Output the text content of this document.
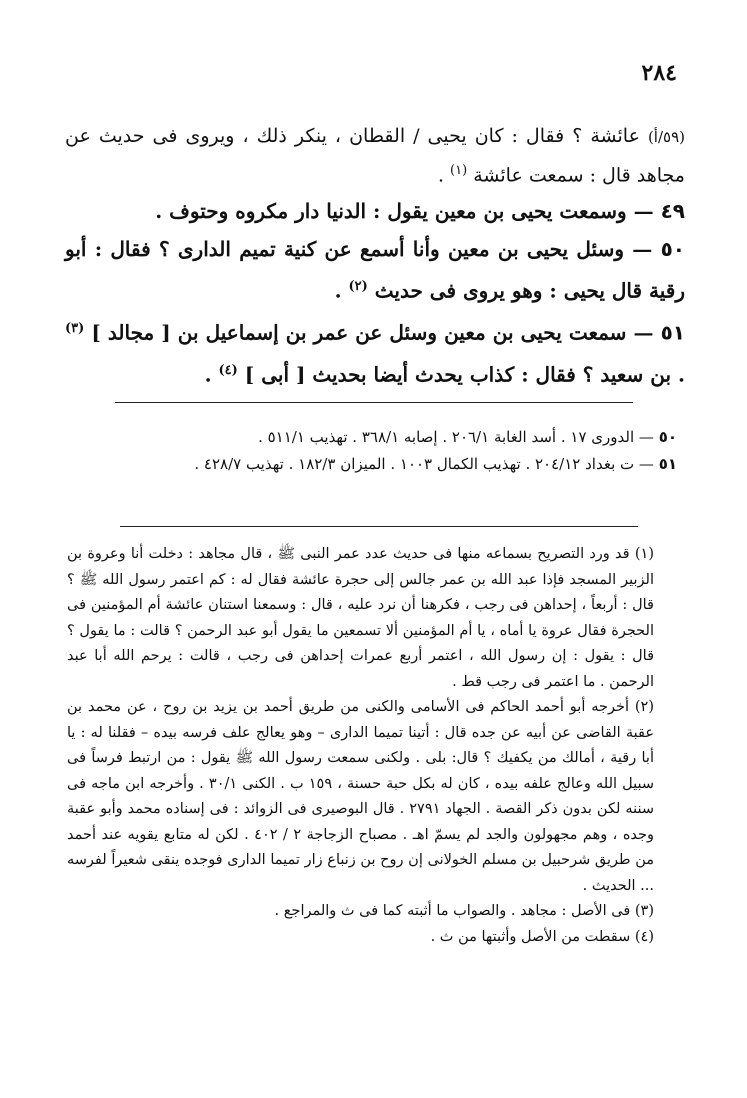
٢٨٤

(٥٩/أ) عائشة ؟ فقال : كان يحيى / القطان ، ينكر ذلك ، ويروى فى حديث عن مجاهد قال : سمعت عائشة $^{(١)}$ .

٤٩ — وسمعت يحيى بن معين يقول : الدنيا دار مكروه وحتوف .

٥٠ — وسئل يحيى بن معين وأنا أسمع عن كنية تميم الدارى ؟ فقال : أبو رقية قال يحيى : وهو يروى فى حديث $^{(٢)}$ .

٥١ — سمعت يحيى بن معين وسئل عن عمر بن إسماعيل بن [ مجالد ] $^{(٣)}$ . بن سعيد ؟ فقال : كذاب يحدث أيضا بحديث [ أبى ] $^{(٤)}$ .

٥٠ — الدورى ١٧ . أسد الغابة ٢٠٦/١ . إصابه ٣٦٨/١ . تهذيب ٥١١/١ .

٥١ — ت بغداد ٢٠٤/١٢ . تهذيب الكمال ١٠٠٣ . الميزان ١٨٢/٣ . تهذيب ٤٢٨/٧ .

(١) قد ورد التصريح بسماعه منها فى حديث عدد عمر النبى ﷺ ، قال مجاهد : دخلت أنا وعروة بن الزبير المسجد فإذا عبد الله بن عمر جالس إلى حجرة عائشة فقال له : كم اعتمر رسول الله ﷺ ؟ قال : أربعاً ، إحداهن فى رجب ، فكرهنا أن نرد عليه ، قال : وسمعنا استنان عائشة أم المؤمنين فى الحجرة فقال عروة يا أماه ، يا أم المؤمنين ألا تسمعين ما يقول أبو عبد الرحمن ؟ قالت : ما يقول ؟ قال : يقول : إن رسول الله ، اعتمر أربع عمرات إحداهن فى رجب ، قالت : يرحم الله أبا عبد الرحمن . ما اعتمر فى رجب قط .

(٢) أخرجه أبو أحمد الحاكم فى الأسامى والكنى من طريق أحمد بن يزيد بن روح ، عن محمد بن عقبة القاضى عن أبيه عن جده قال : أتينا تميما الدارى – وهو يعالج علف فرسه بيده – فقلنا له : يا أبا رقية ، أمالك من يكفيك ؟ قال: بلى . ولكنى سمعت رسول الله ﷺ يقول : من ارتبط فرساً فى سبيل الله وعالج علفه بيده ، كان له بكل حبة حسنة ، ١٥٩ ب . الكنى ٣٠/١ . وأخرجه ابن ماجه فى سننه لكن بدون ذكر القصة . الجهاد ٢٧٩١ . قال البوصيرى فى الزوائد : فى إسناده محمد وأبو عقبة وجده ، وهم مجهولون والجد لم يسمّ اهـ . مصباح الزجاجة ٢ / ٤٠٢ . لكن له متابع يقويه عند أحمد من طريق شرحبيل بن مسلم الخولانى إن روح بن زنباع زار تميما الدارى فوجده ينقى شعيراً لفرسه ... الحديث .

(٣) فى الأصل : مجاهد . والصواب ما أثبته كما فى ث والمراجع .

(٤) سقطت من الأصل وأثبتها من ث .
